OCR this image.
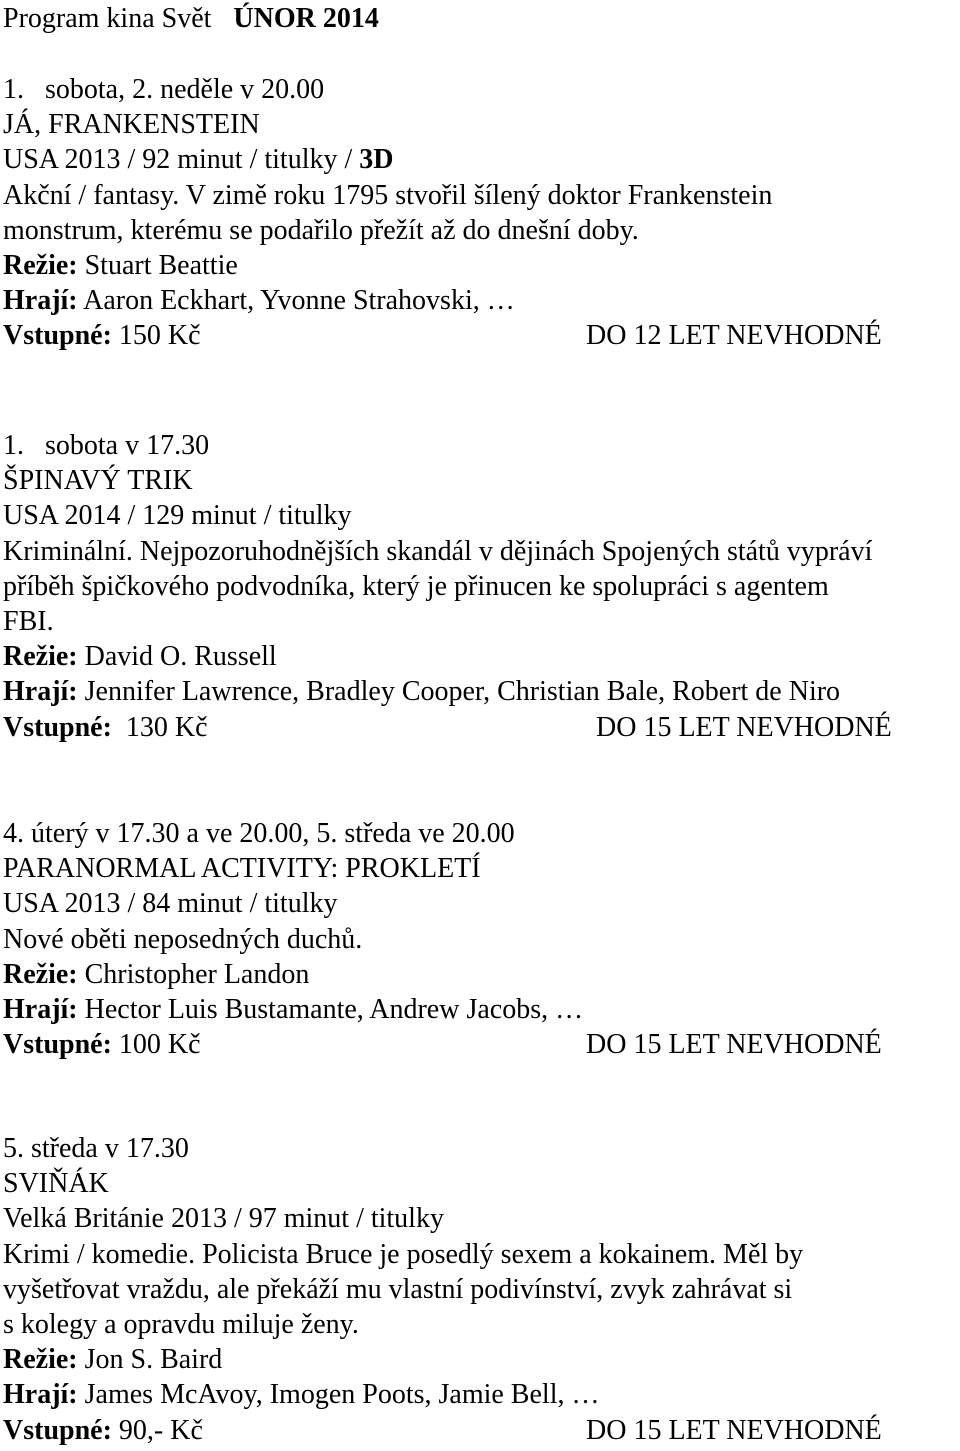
Program kina Svět ÚNOR 2014
1. sobota, 2. neděle v 20.00
JÁ, FRANKENSTEIN
USA 2013 / 92 minut / titulky / 3D
Akční / fantasy. V zimě roku 1795 stvořil šílený doktor Frankenstein
monstrum, kterému se podařilo přežít až do dnešní doby.
Režie: Stuart Beattie
Hrají: Aaron Eckhart, Yvonne Strahovski, …
Vstupné: 150 Kč	DO 12 LET NEVHODNÉ
1. sobota v 17.30
ŠPINAVÝ TRIK
USA 2014 / 129 minut / titulky
Kriminální. Nejpozoruhodnějších skandál v dějinách Spojených států vypráví
příběh špičkového podvodníka, který je přinucen ke spolupráci s agentem
FBI.
Režie: David O. Russell
Hrají: Jennifer Lawrence, Bradley Cooper, Christian Bale, Robert de Niro
Vstupné:  130 Kč	DO 15 LET NEVHODNÉ
4. úterý v 17.30 a ve 20.00, 5. středa ve 20.00
PARANORMAL ACTIVITY: PROKLETÍ
USA 2013 / 84 minut / titulky
Nové oběti neposedných duchů.
Režie: Christopher Landon
Hrají: Hector Luis Bustamante, Andrew Jacobs, …
Vstupné: 100 Kč	DO 15 LET NEVHODNÉ
5. středa v 17.30
SVIŇÁK
Velká Británie 2013 / 97 minut / titulky
Krimi / komedie. Policista Bruce je posedlý sexem a kokainem. Měl by
vyšetřovat vraždu, ale překáží mu vlastní podivínství, zvyk zahrávat si
s kolegy a opravdu miluje ženy.
Režie: Jon S. Baird
Hrají: James McAvoy, Imogen Poots, Jamie Bell, …
Vstupné: 90,- Kč	DO 15 LET NEVHODNÉ
